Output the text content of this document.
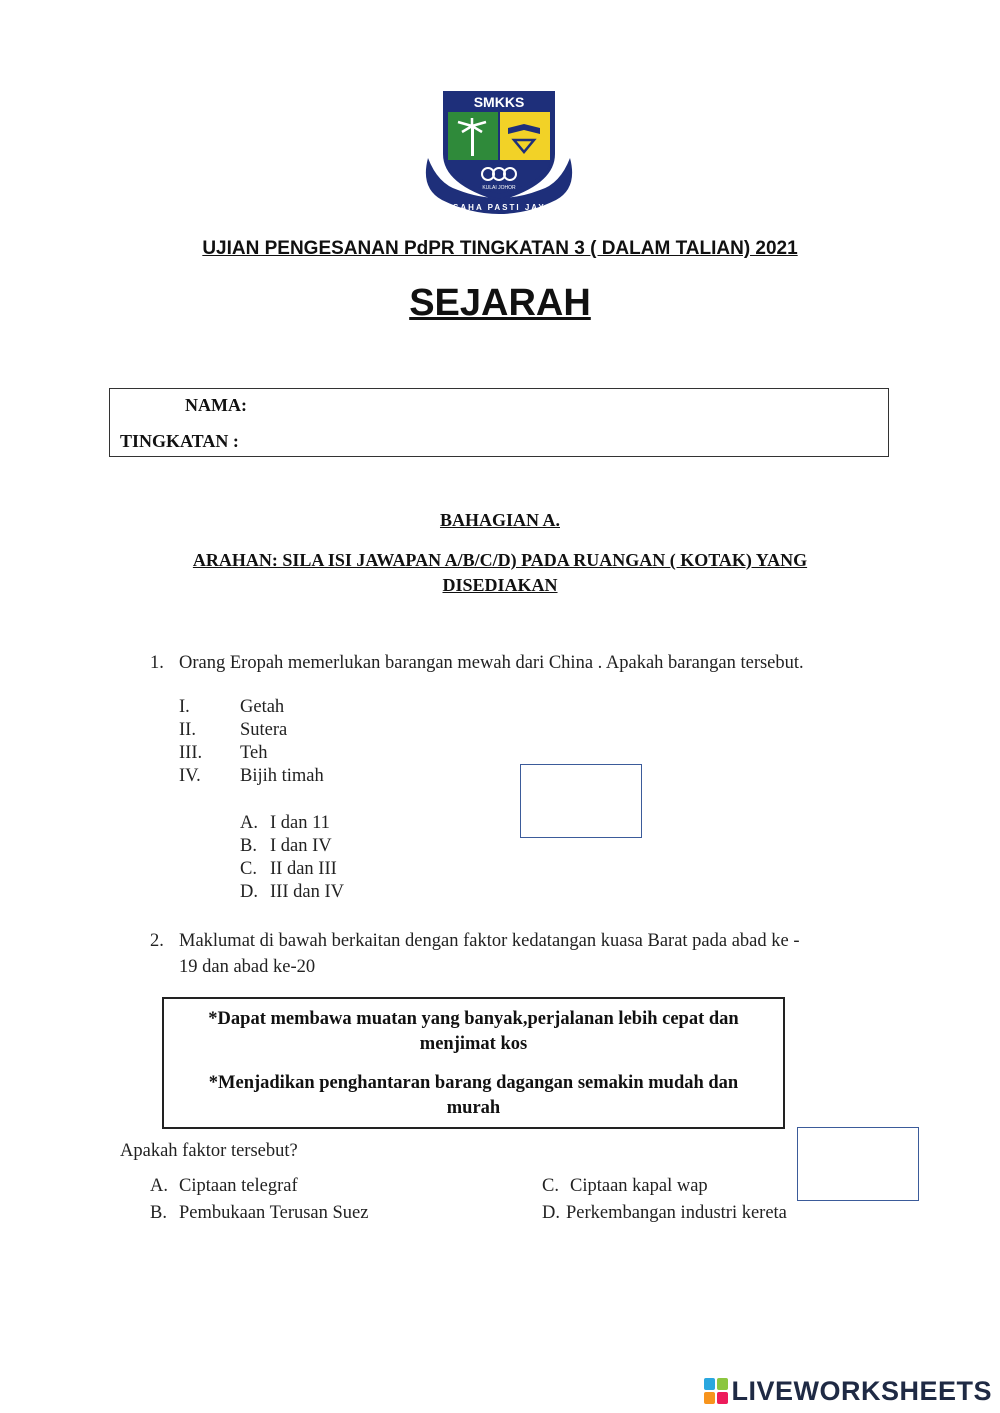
SMKKS
KULAI JOHOR
USAHA PASTI JAYA
UJIAN PENGESANAN PdPR TINGKATAN 3 ( DALAM TALIAN) 2021
SEJARAH
NAMA:
TINGKATAN :
BAHAGIAN A.
ARAHAN: SILA ISI JAWAPAN A/B/C/D) PADA RUANGAN ( KOTAK) YANG DISEDIAKAN
1. Orang Eropah memerlukan barangan mewah dari China . Apakah barangan tersebut.
I.	Getah
II. Sutera
III. Teh
IV. Bijih timah
A. I dan 11
B. I dan IV
C. II dan III
D. III dan IV
2. Maklumat di bawah berkaitan dengan faktor kedatangan kuasa Barat pada abad ke -
19 dan abad ke-20

*Dapat membawa muatan yang banyak,perjalanan lebih cepat dan menjimat kos

*Menjadikan penghantaran barang dagangan semakin mudah dan murah

Apakah faktor tersebut?
A. Ciptaan telegraf
B. Pembukaan Terusan Suez
C. Ciptaan kapal wap
D. Perkembangan industri kereta
LIVEWORKSHEETS
